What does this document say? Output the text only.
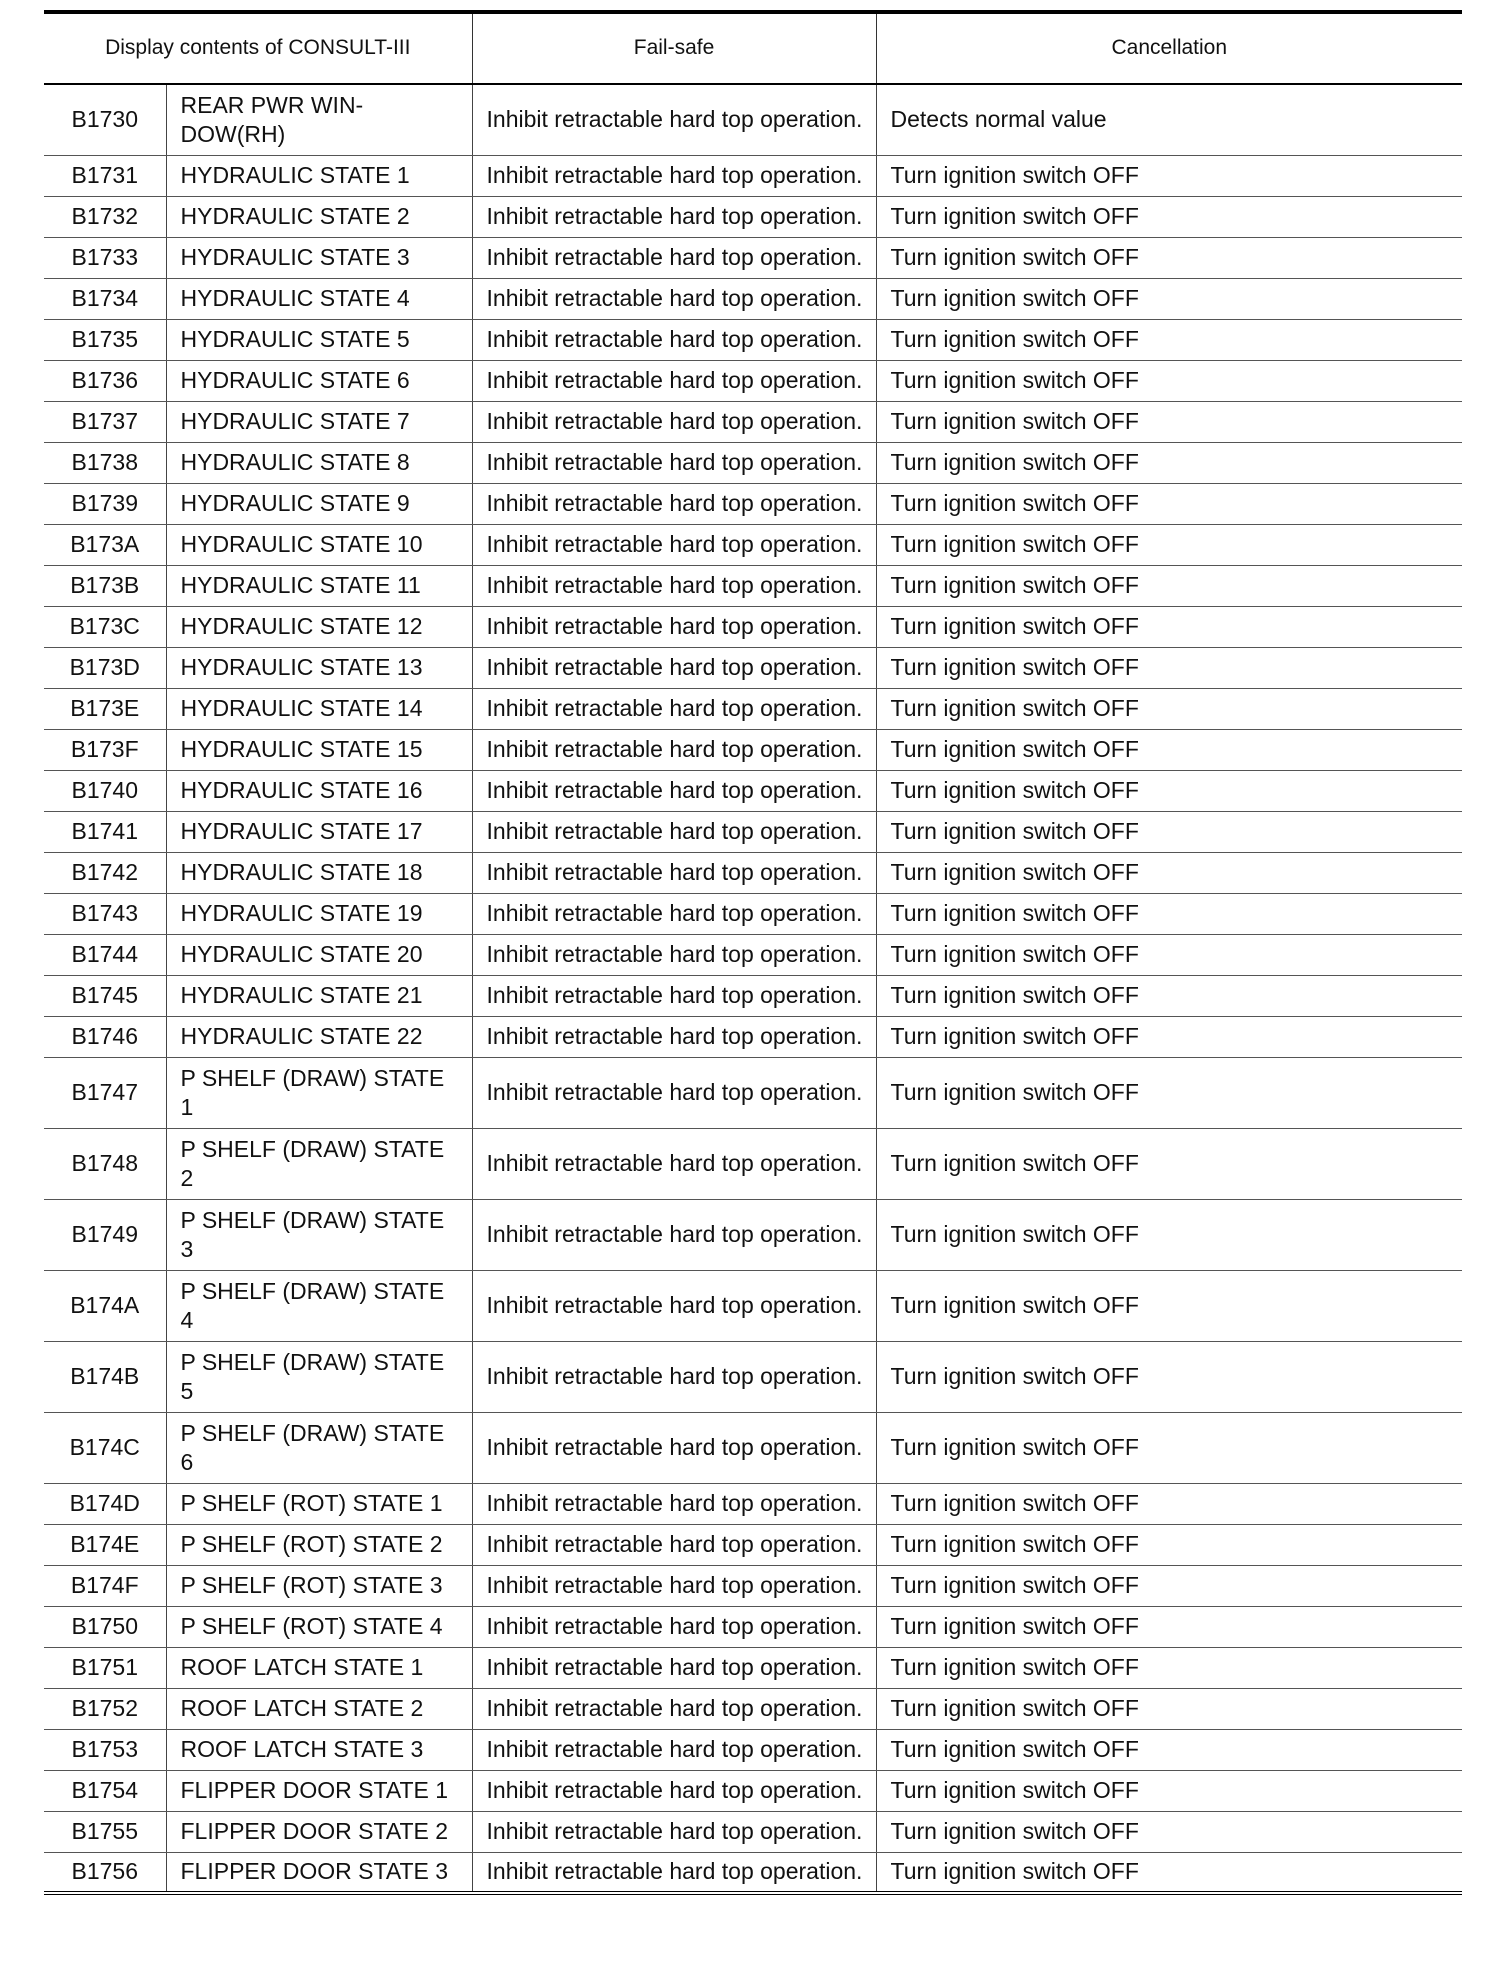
Display contents of CONSULT-III		Fail-safe	Cancellation
B1730	REAR PWR WIN-DOW(RH)	Inhibit retractable hard top operation.	Detects normal value
B1731	HYDRAULIC STATE 1	Inhibit retractable hard top operation.	Turn ignition switch OFF
B1732	HYDRAULIC STATE 2	Inhibit retractable hard top operation.	Turn ignition switch OFF
B1733	HYDRAULIC STATE 3	Inhibit retractable hard top operation.	Turn ignition switch OFF
B1734	HYDRAULIC STATE 4	Inhibit retractable hard top operation.	Turn ignition switch OFF
B1735	HYDRAULIC STATE 5	Inhibit retractable hard top operation.	Turn ignition switch OFF
B1736	HYDRAULIC STATE 6	Inhibit retractable hard top operation.	Turn ignition switch OFF
B1737	HYDRAULIC STATE 7	Inhibit retractable hard top operation.	Turn ignition switch OFF
B1738	HYDRAULIC STATE 8	Inhibit retractable hard top operation.	Turn ignition switch OFF
B1739	HYDRAULIC STATE 9	Inhibit retractable hard top operation.	Turn ignition switch OFF
B173A	HYDRAULIC STATE 10	Inhibit retractable hard top operation.	Turn ignition switch OFF
B173B	HYDRAULIC STATE 11	Inhibit retractable hard top operation.	Turn ignition switch OFF
B173C	HYDRAULIC STATE 12	Inhibit retractable hard top operation.	Turn ignition switch OFF
B173D	HYDRAULIC STATE 13	Inhibit retractable hard top operation.	Turn ignition switch OFF
B173E	HYDRAULIC STATE 14	Inhibit retractable hard top operation.	Turn ignition switch OFF
B173F	HYDRAULIC STATE 15	Inhibit retractable hard top operation.	Turn ignition switch OFF
B1740	HYDRAULIC STATE 16	Inhibit retractable hard top operation.	Turn ignition switch OFF
B1741	HYDRAULIC STATE 17	Inhibit retractable hard top operation.	Turn ignition switch OFF
B1742	HYDRAULIC STATE 18	Inhibit retractable hard top operation.	Turn ignition switch OFF
B1743	HYDRAULIC STATE 19	Inhibit retractable hard top operation.	Turn ignition switch OFF
B1744	HYDRAULIC STATE 20	Inhibit retractable hard top operation.	Turn ignition switch OFF
B1745	HYDRAULIC STATE 21	Inhibit retractable hard top operation.	Turn ignition switch OFF
B1746	HYDRAULIC STATE 22	Inhibit retractable hard top operation.	Turn ignition switch OFF
B1747	P SHELF (DRAW) STATE 1	Inhibit retractable hard top operation.	Turn ignition switch OFF
B1748	P SHELF (DRAW) STATE 2	Inhibit retractable hard top operation.	Turn ignition switch OFF
B1749	P SHELF (DRAW) STATE 3	Inhibit retractable hard top operation.	Turn ignition switch OFF
B174A	P SHELF (DRAW) STATE 4	Inhibit retractable hard top operation.	Turn ignition switch OFF
B174B	P SHELF (DRAW) STATE 5	Inhibit retractable hard top operation.	Turn ignition switch OFF
B174C	P SHELF (DRAW) STATE 6	Inhibit retractable hard top operation.	Turn ignition switch OFF
B174D	P SHELF (ROT) STATE 1	Inhibit retractable hard top operation.	Turn ignition switch OFF
B174E	P SHELF (ROT) STATE 2	Inhibit retractable hard top operation.	Turn ignition switch OFF
B174F	P SHELF (ROT) STATE 3	Inhibit retractable hard top operation.	Turn ignition switch OFF
B1750	P SHELF (ROT) STATE 4	Inhibit retractable hard top operation.	Turn ignition switch OFF
B1751	ROOF LATCH STATE 1	Inhibit retractable hard top operation.	Turn ignition switch OFF
B1752	ROOF LATCH STATE 2	Inhibit retractable hard top operation.	Turn ignition switch OFF
B1753	ROOF LATCH STATE 3	Inhibit retractable hard top operation.	Turn ignition switch OFF
B1754	FLIPPER DOOR STATE 1	Inhibit retractable hard top operation.	Turn ignition switch OFF
B1755	FLIPPER DOOR STATE 2	Inhibit retractable hard top operation.	Turn ignition switch OFF
B1756	FLIPPER DOOR STATE 3	Inhibit retractable hard top operation.	Turn ignition switch OFF
